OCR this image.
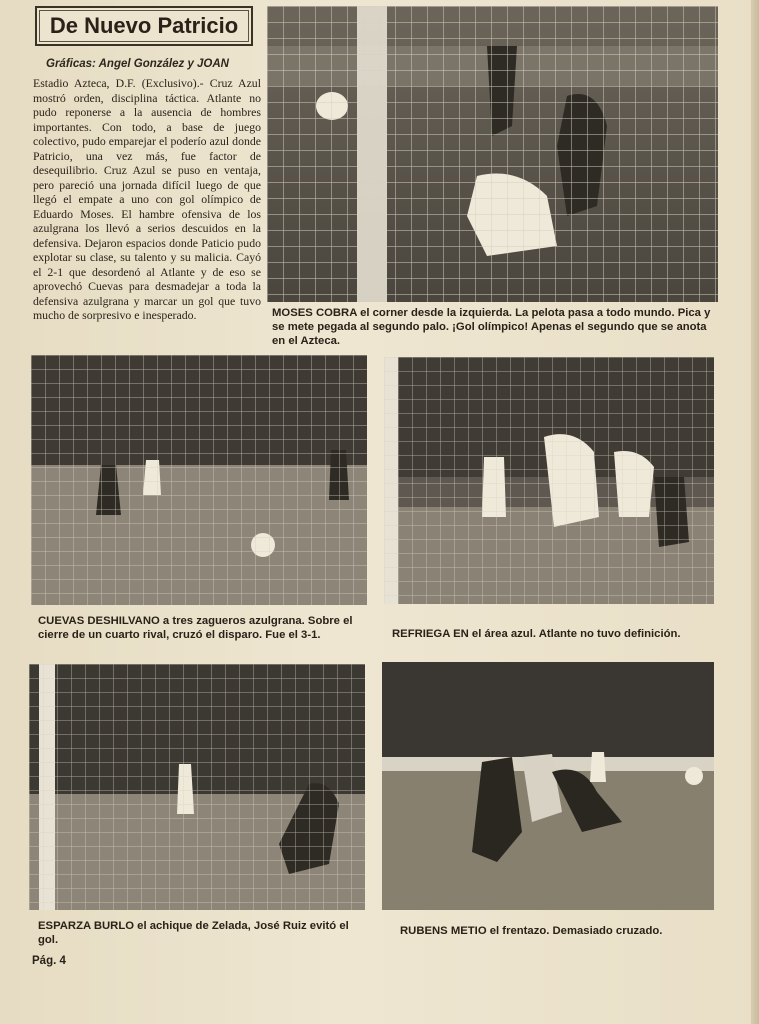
De Nuevo Patricio
Gráficas: Angel González y JOAN
Estadio Azteca, D.F. (Exclusivo).- Cruz Azul mostró orden, disciplina táctica. Atlante no pudo reponerse a la ausencia de hombres importantes. Con todo, a base de juego colectivo, pudo emparejar el poderío azul donde Patricio, una vez más, fue factor de desequilibrio. Cruz Azul se puso en ventaja, pero pareció una jornada difícil luego de que llegó el empate a uno con gol olímpico de Eduardo Moses. El hambre ofensiva de los azulgrana los llevó a serios descuidos en la defensiva. Dejaron espacios donde Paticio pudo explotar su clase, su talento y su malicia. Cayó el 2-1 que desordenó al Atlante y de eso se aprovechó Cuevas para desmadejar a toda la defensiva azulgrana y marcar un gol que tuvo mucho de sorpresivo e inesperado.	MOSES COBRA el corner desde la izquierda. La pelota pasa a todo mundo. Pica y se mete pegada al segundo palo. ¡Gol olímpico! Apenas el segundo que se anota en el Azteca.
CUEVAS DESHILVANO a tres zagueros azulgrana. Sobre el cierre de un cuarto rival, cruzó el disparo. Fue el 3-1.	REFRIEGA EN el área azul. Atlante no tuvo definición.
ESPARZA BURLO el achique de Zelada, José Ruiz evitó el gol.
RUBENS METIO el frentazo. Demasiado cruzado.
Pág. 4
